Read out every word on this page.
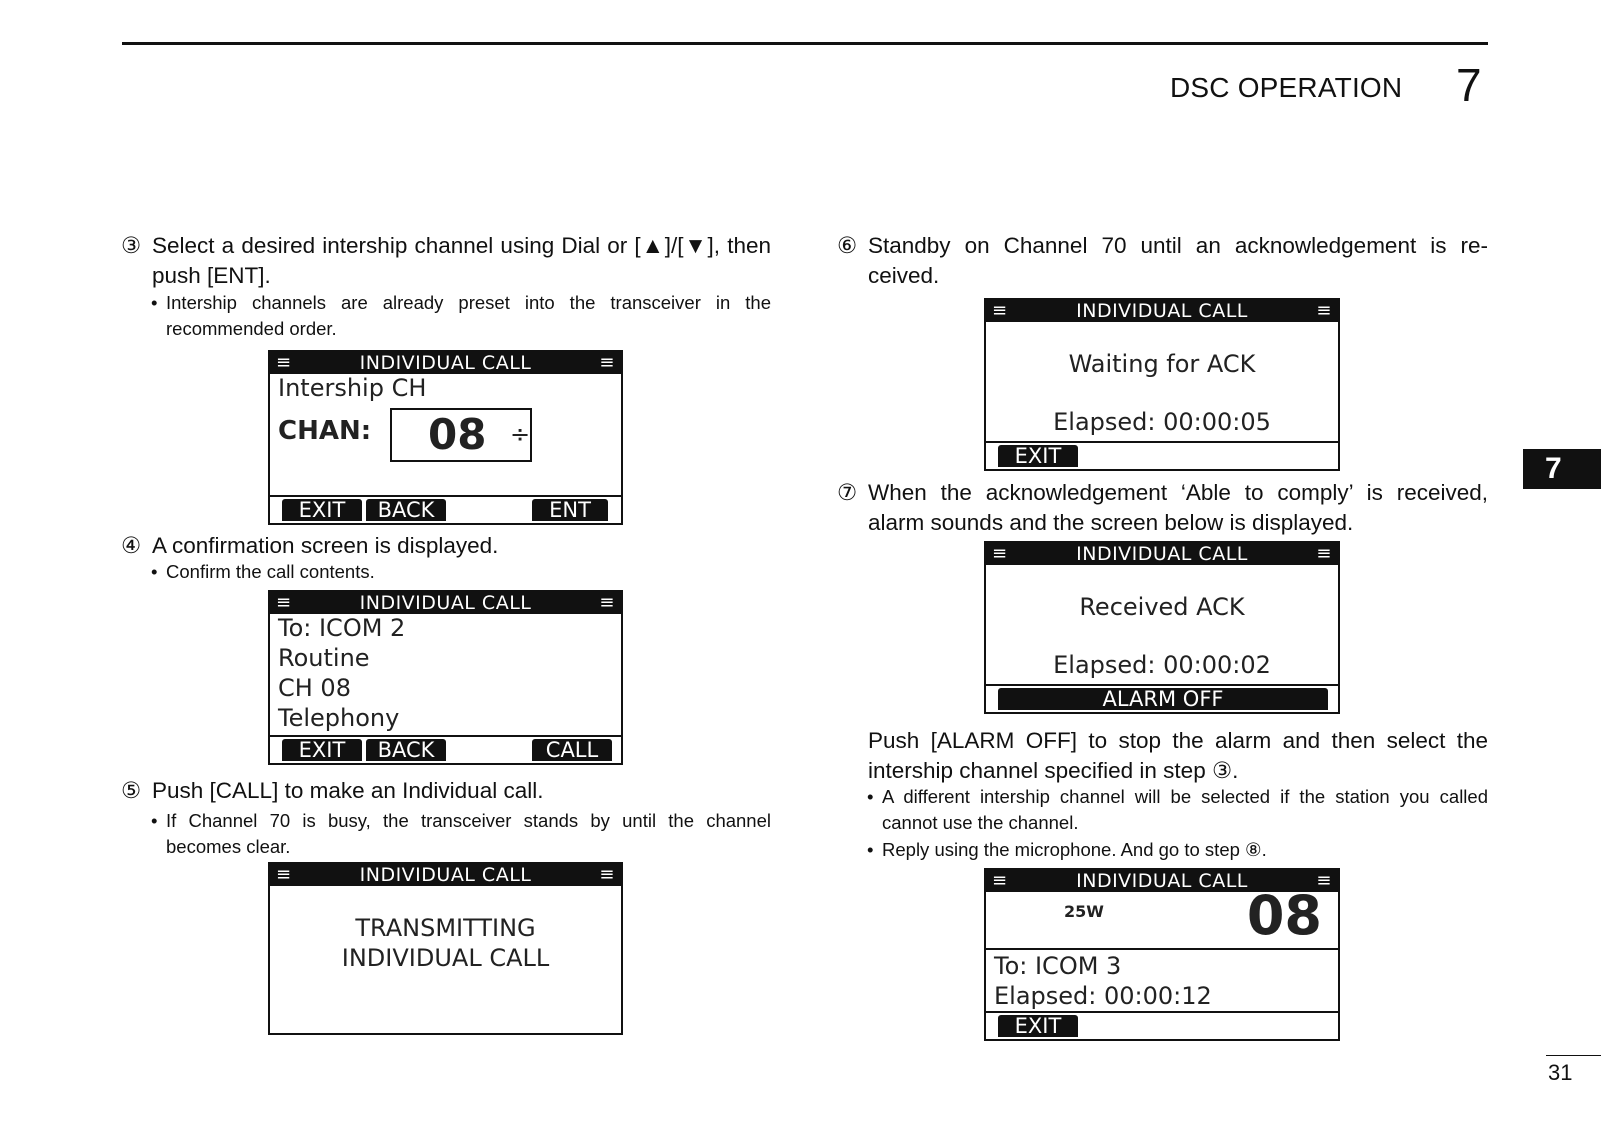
DSC OPERATION 7
7
31
③ Select a desired intership channel using Dial or [▲]/[▼], then push [ENT].
• Intership channels are already preset into the transceiver in the recommended order.
≡	INDIVIDUAL CALL	≡
Intership CH
CHAN: 08 ÷
EXIT	BACK	ENT
④ A confirmation screen is displayed.
• Confirm the call contents.
≡	INDIVIDUAL CALL	≡
To: ICOM 2
Routine
CH 08
Telephony
EXIT	BACK	CALL
⑤ Push [CALL] to make an Individual call.
• If Channel 70 is busy, the transceiver stands by until the channel becomes clear.
≡	INDIVIDUAL CALL	≡
TRANSMITTING
INDIVIDUAL CALL
⑥ Standby on Channel 70 until an acknowledgement is re-ceived.
≡	INDIVIDUAL CALL	≡
Waiting for ACK
Elapsed: 00:00:05
EXIT
⑦ When the acknowledgement ‘Able to comply’ is received, alarm sounds and the screen below is displayed.
≡	INDIVIDUAL CALL	≡
Received ACK
Elapsed: 00:00:02
ALARM OFF
Push [ALARM OFF] to stop the alarm and then select the intership channel specified in step ③.
• A different intership channel will be selected if the station you called cannot use the channel.
• Reply using the microphone. And go to step ⑧.
≡	INDIVIDUAL CALL	≡
25W	08
To: ICOM 3
Elapsed: 00:00:12
EXIT
